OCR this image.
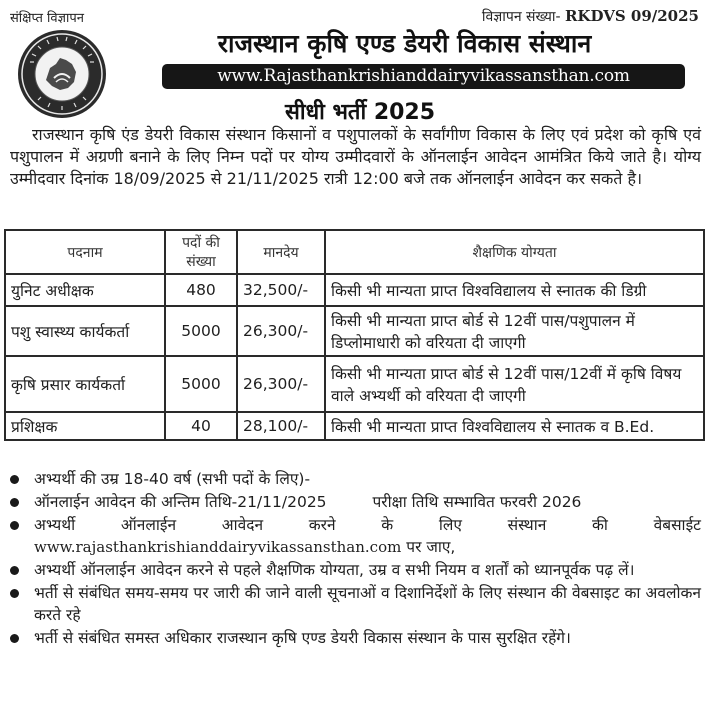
संक्षिप्त विज्ञापन	विज्ञापन संख्या- RKDVS 09/2025
राजस्थान कृषि एण्ड डेयरी विकास संस्थान
www.Rajasthankrishianddairyvikassansthan.com
सीधी भर्ती 2025

राजस्थान कृषि एंड डेयरी विकास संस्थान किसानों व पशुपालकों के सर्वांगीण विकास के लिए एवं प्रदेश को कृषि एवं पशुपालन में अग्रणी बनाने के लिए निम्न पदों पर योग्य उम्मीदवारों के ऑनलाईन आवेदन आमंत्रित किये जाते है। योग्य उम्मीदवार दिनांक 18/09/2025 से 21/11/2025 रात्री 12:00 बजे तक ऑनलाईन आवेदन कर सकते है।

पदनाम	पदों की संख्या	मानदेय	शैक्षणिक योग्यता
युनिट अधीक्षक	480	32,500/-	किसी भी मान्यता प्राप्त विश्वविद्यालय से स्नातक की डिग्री
पशु स्वास्थ्य कार्यकर्ता	5000	26,300/-	किसी भी मान्यता प्राप्त बोर्ड से 12वीं पास/पशुपालन में डिप्लोमाधारी को वरियता दी जाएगी
कृषि प्रसार कार्यकर्ता	5000	26,300/-	किसी भी मान्यता प्राप्त बोर्ड से 12वीं पास/12वीं में कृषि विषय वाले अभ्यर्थी को वरियता दी जाएगी
प्रशिक्षक	40	28,100/-	किसी भी मान्यता प्राप्त विश्वविद्यालय से स्नातक व B.Ed.
अभ्यर्थी की उम्र 18-40 वर्ष (सभी पदों के लिए)-
ऑनलाईन आवेदन की अन्तिम तिथि-21/11/2025	परीक्षा तिथि सम्भावित फरवरी 2026
अभ्यर्थी ऑनलाईन आवेदन करने के लिए संस्थान की वेबसाईट
www.rajasthankrishianddairyvikassansthan.com पर जाए,
अभ्यर्थी ऑनलाईन आवेदन करने से पहले शैक्षणिक योग्यता, उम्र व सभी नियम व शर्तों को ध्यानपूर्वक पढ़ लें।
भर्ती से संबंधित समय-समय पर जारी की जाने वाली सूचनाओं व दिशानिर्देशों के लिए संस्थान की वेबसाइट का अवलोकन करते रहे
भर्ती से संबंधित समस्त अधिकार राजस्थान कृषि एण्ड डेयरी विकास संस्थान के पास सुरक्षित रहेंगे।
